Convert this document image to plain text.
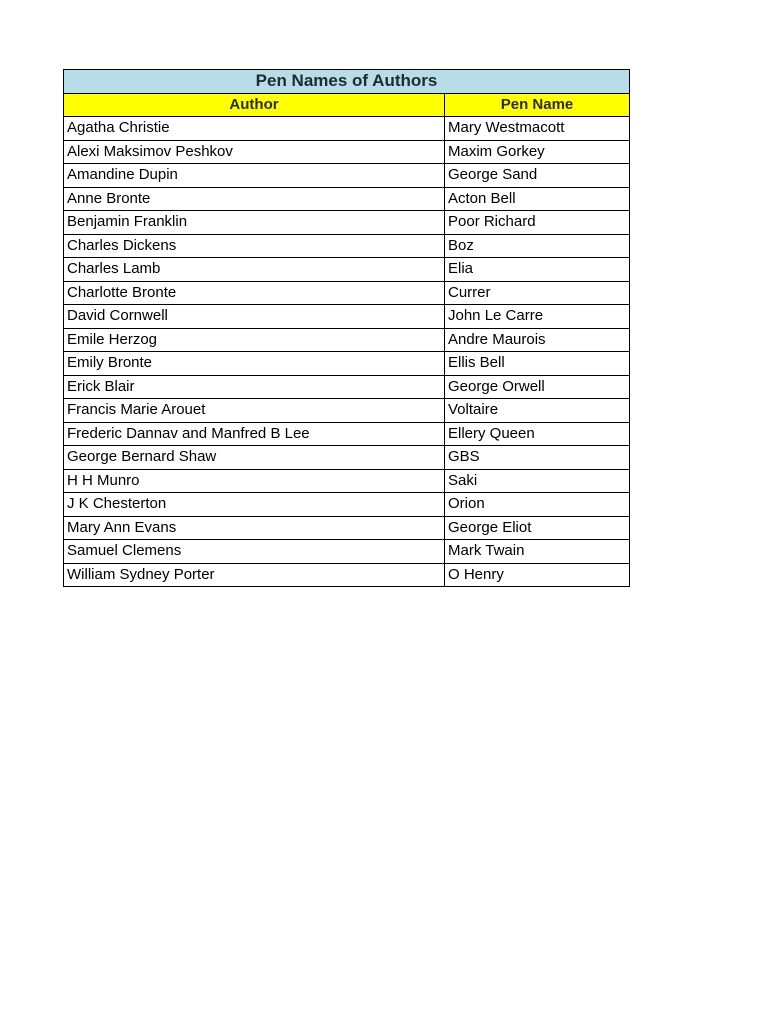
Pen Names of Authors	
Author	Pen Name
Agatha Christie	Mary Westmacott
Alexi Maksimov Peshkov	Maxim Gorkey
Amandine Dupin	George Sand
Anne Bronte	Acton Bell
Benjamin Franklin	Poor Richard
Charles Dickens	Boz
Charles Lamb	Elia
Charlotte Bronte	Currer
David Cornwell	John Le Carre
Emile Herzog	Andre Maurois
Emily Bronte	Ellis Bell
Erick Blair	George Orwell
Francis Marie Arouet	Voltaire
Frederic Dannav and Manfred B Lee	Ellery Queen
George Bernard Shaw	GBS
H H Munro	Saki
J K Chesterton	Orion
Mary Ann Evans	George Eliot
Samuel Clemens	Mark Twain
William Sydney Porter	O Henry
